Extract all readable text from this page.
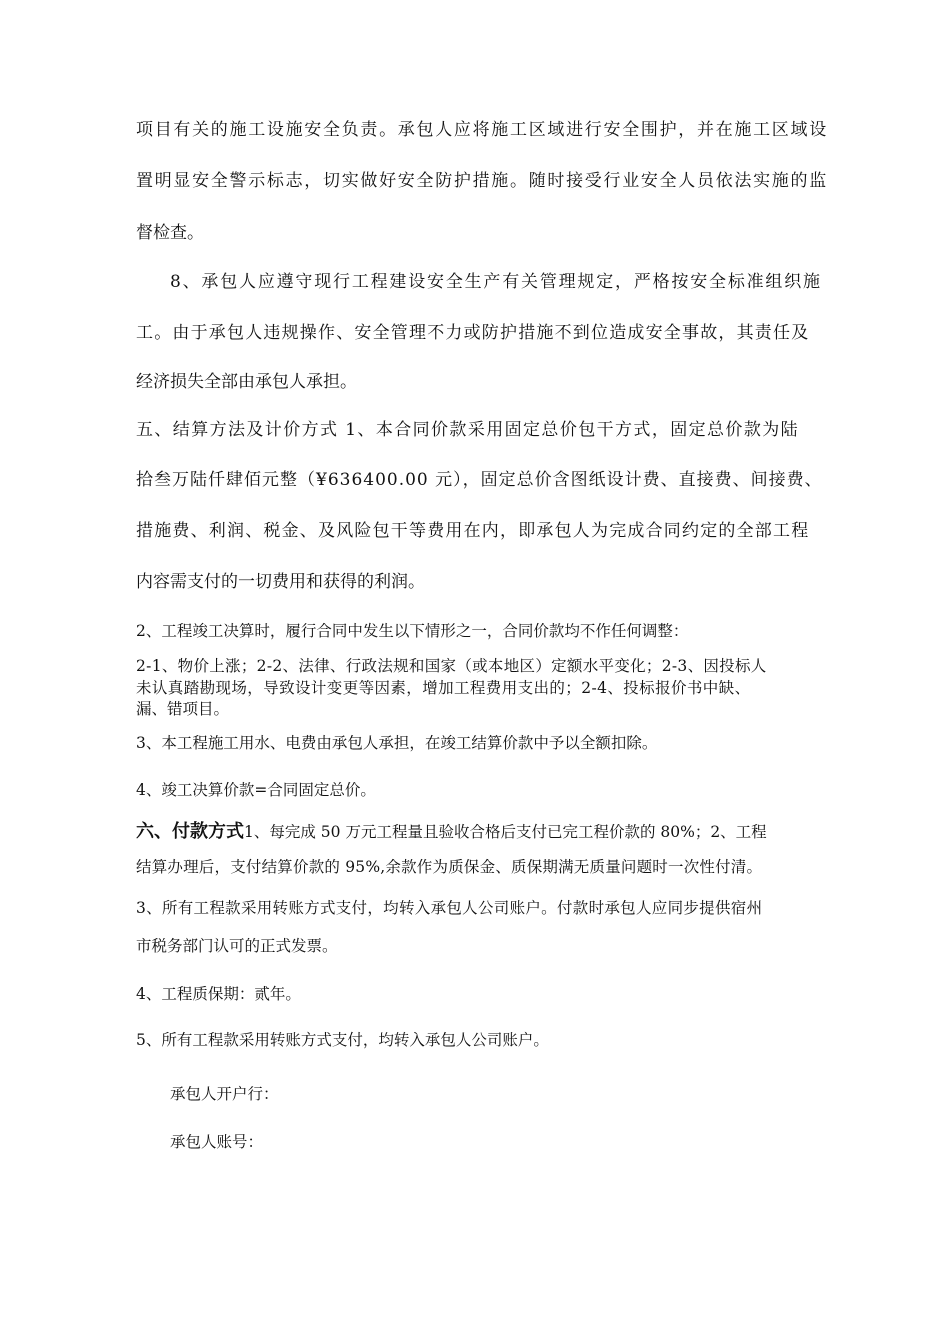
项目有关的施工设施安全负责。承包人应将施工区域进行安全围护，并在施工区域设
置明显安全警示标志，切实做好安全防护措施。随时接受行业安全人员依法实施的监
督检查。
8、承包人应遵守现行工程建设安全生产有关管理规定，严格按安全标准组织施
工。由于承包人违规操作、安全管理不力或防护措施不到位造成安全事故，其责任及
经济损失全部由承包人承担。
五、结算方法及计价方式 1、本合同价款采用固定总价包干方式，固定总价款为陆
拾叁万陆仟肆佰元整（¥636400.00 元），固定总价含图纸设计费、直接费、间接费、
措施费、利润、税金、及风险包干等费用在内，即承包人为完成合同约定的全部工程
内容需支付的一切费用和获得的利润。
2、工程竣工决算时，履行合同中发生以下情形之一，合同价款均不作任何调整：
2-1、物价上涨；2-2、法律、行政法规和国家（或本地区）定额水平变化；2-3、因投标人
未认真踏勘现场，导致设计变更等因素，增加工程费用支出的；2-4、投标报价书中缺、
漏、错项目。
3、本工程施工用水、电费由承包人承担，在竣工结算价款中予以全额扣除。
4、竣工决算价款=合同固定总价。
六、付款方式1、每完成 50 万元工程量且验收合格后支付已完工程价款的 80%；2、工程
结算办理后，支付结算价款的 95%,余款作为质保金、质保期满无质量问题时一次性付清。
3、所有工程款采用转账方式支付，均转入承包人公司账户。付款时承包人应同步提供宿州
市税务部门认可的正式发票。
4、工程质保期：贰年。
5、所有工程款采用转账方式支付，均转入承包人公司账户。
承包人开户行：
承包人账号：
